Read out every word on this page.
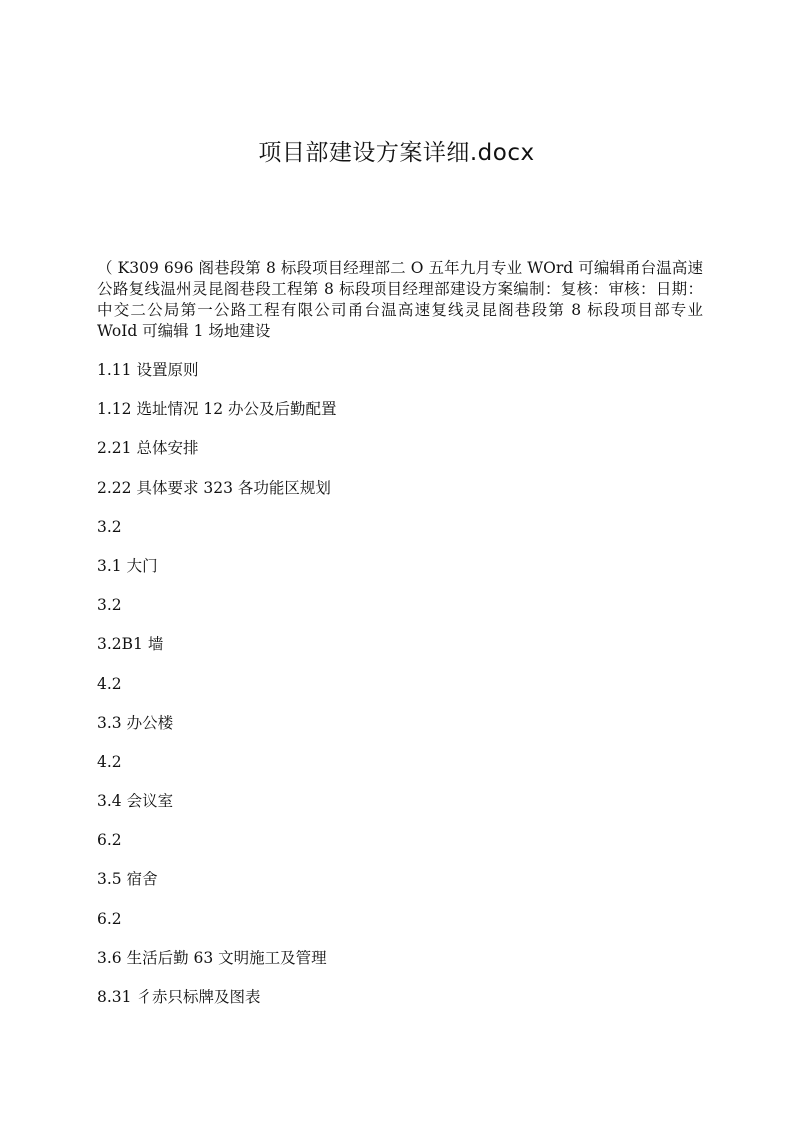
项目部建设方案详细.docx
（ K309 696 阁巷段第 8 标段项目经理部二 O 五年九月专业 WOrd 可编辑甬台温高速公路复线温州灵昆阁巷段工程第 8 标段项目经理部建设方案编制：复核：审核：日期：中交二公局第一公路工程有限公司甬台温高速复线灵昆阁巷段第 8 标段项目部专业 WoId 可编辑 1 场地建设
1.11 设置原则
1.12 选址情况 12 办公及后勤配置
2.21 总体安排
2.22 具体要求 323 各功能区规划
3.2
3.1 大门
3.2
3.2B1 墙
4.2
3.3 办公楼
4.2
3.4 会议室
6.2
3.5 宿舍
6.2
3.6 生活后勤 63 文明施工及管理
8.31 彳赤只标牌及图表
